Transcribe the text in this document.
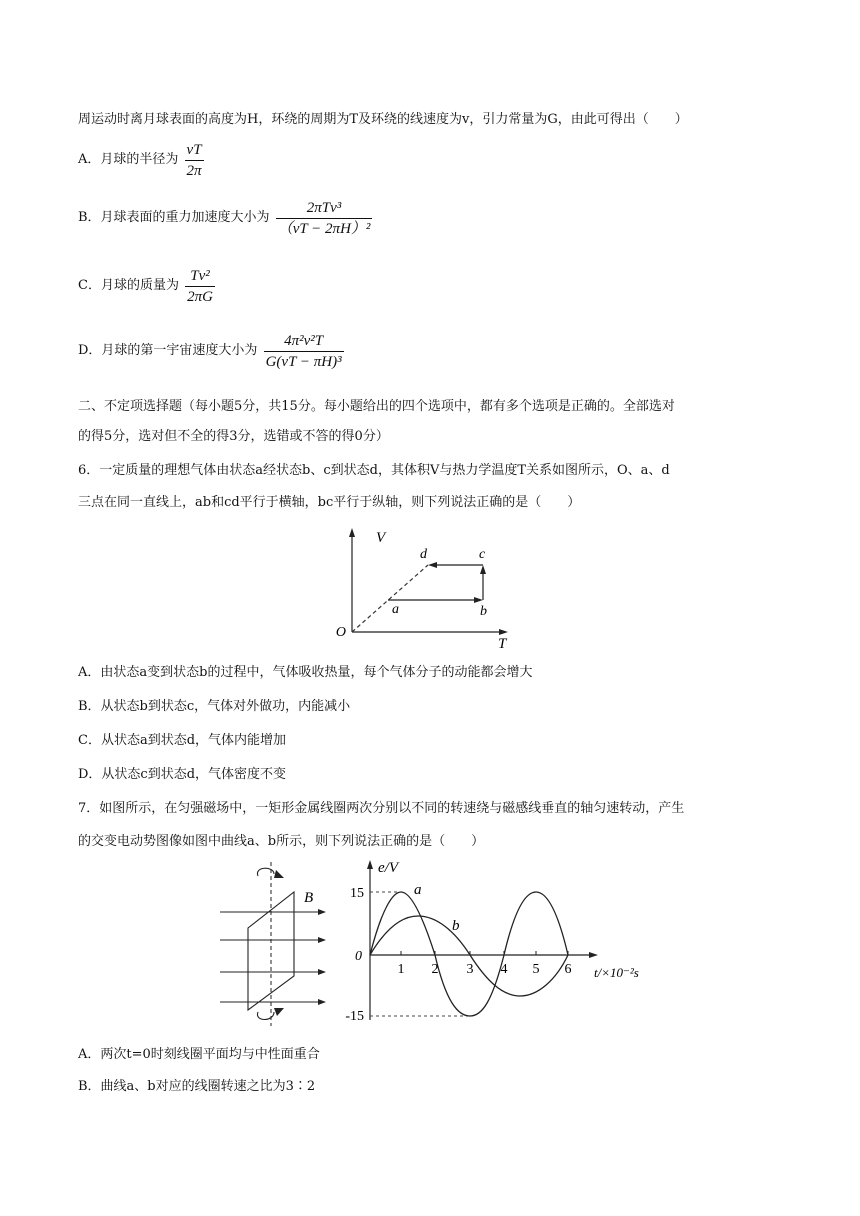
周运动时离月球表面的高度为H，环绕的周期为T及环绕的线速度为v，引力常量为G，由此可得出（　　）
A．月球的半径为 $\frac{vT}{2\pi}$
B．月球表面的重力加速度大小为 $\frac{\text{2πTv³}}{\text{（vT − 2πH）²}}$
C．月球的质量为 $\frac{\text{Tv²}}{2\pi G}$
D．月球的第一宇宙速度大小为 $\frac{\text{4π²v²T}}{\text{G(vT − πH)³}}$
二、不定项选择题（每小题5分，共15分。每小题给出的四个选项中，都有多个选项是正确的。全部选对
的得5分，选对但不全的得3分，选错或不答的得0分）
6．一定质量的理想气体由状态a经状态b、c到状态d，其体积V与热力学温度T关系如图所示，O、a、d
三点在同一直线上，ab和cd平行于横轴，bc平行于纵轴，则下列说法正确的是（　　）
V
T
O
a	b
c
d
A．由状态a变到状态b的过程中，气体吸收热量，每个气体分子的动能都会增大
B．从状态b到状态c，气体对外做功，内能减小
C．从状态a到状态d，气体内能增加
D．从状态c到状态d，气体密度不变
7．如图所示，在匀强磁场中，一矩形金属线圈两次分别以不同的转速绕与磁感线垂直的轴匀速转动，产生
的交变电动势图像如图中曲线a、b所示，则下列说法正确的是（　　）
B
e/V
t/×10⁻²s
0
15
-15
1 2 3 4 5 6
a
b
A．两次t=0时刻线圈平面均与中性面重合
B．曲线a、b对应的线圈转速之比为3∶2
